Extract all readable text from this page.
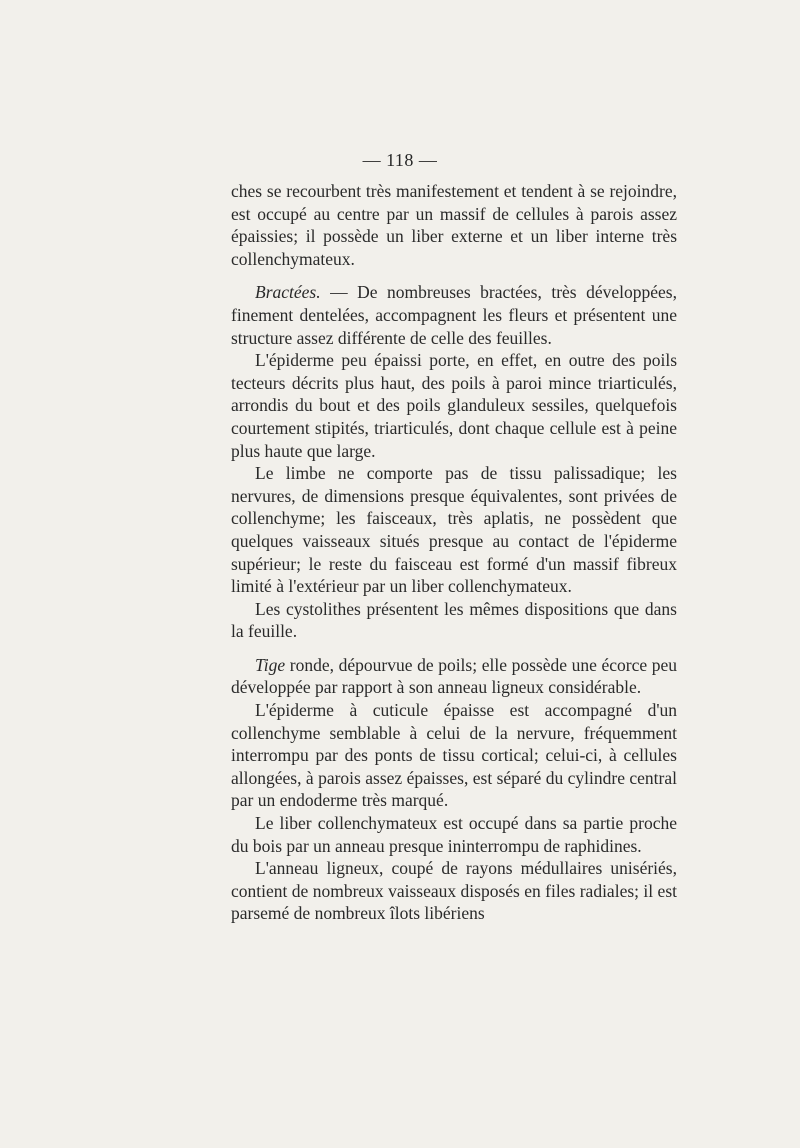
— 118 —

ches se recourbent très manifestement et tendent à se rejoindre, est occupé au centre par un massif de cellules à parois assez épaissies; il possède un liber externe et un liber interne très collenchymateux.

Bractées. — De nombreuses bractées, très développées, finement dentelées, accompagnent les fleurs et présentent une structure assez différente de celle des feuilles.

L'épiderme peu épaissi porte, en effet, en outre des poils tecteurs décrits plus haut, des poils à paroi mince triarticulés, arrondis du bout et des poils glanduleux sessiles, quelquefois courtement stipités, triarticulés, dont chaque cellule est à peine plus haute que large.

Le limbe ne comporte pas de tissu palissadique; les nervures, de dimensions presque équivalentes, sont privées de collenchyme; les faisceaux, très aplatis, ne possèdent que quelques vaisseaux situés presque au contact de l'épiderme supérieur; le reste du faisceau est formé d'un massif fibreux limité à l'extérieur par un liber collenchymateux.

Les cystolithes présentent les mêmes dispositions que dans la feuille.

Tige ronde, dépourvue de poils; elle possède une écorce peu développée par rapport à son anneau ligneux considérable.

L'épiderme à cuticule épaisse est accompagné d'un collenchyme semblable à celui de la nervure, fréquemment interrompu par des ponts de tissu cortical; celui-ci, à cellules allongées, à parois assez épaisses, est séparé du cylindre central par un endoderme très marqué.

Le liber collenchymateux est occupé dans sa partie proche du bois par un anneau presque ininterrompu de raphidines.

L'anneau ligneux, coupé de rayons médullaires unisériés, contient de nombreux vaisseaux disposés en files radiales; il est parsemé de nombreux îlots libériens
